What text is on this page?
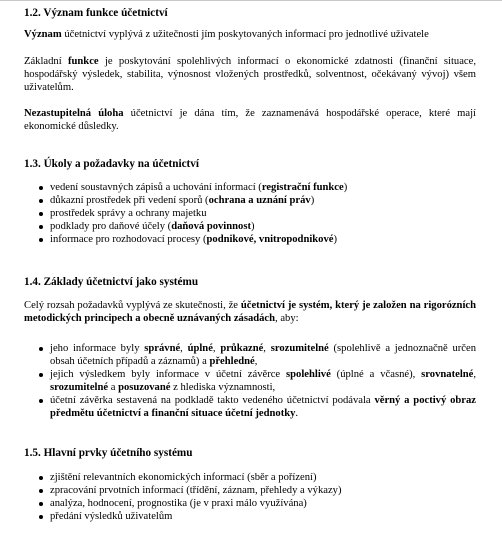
1.2. Význam funkce účetnictví

Význam účetnictví vyplývá z užitečnosti jím poskytovaných informací pro jednotlivé uživatele

Základní funkce je poskytování spolehlivých informací o ekonomické zdatnosti (finanční situace, hospodářský výsledek, stabilita, výnosnost vložených prostředků, solventnost, očekávaný vývoj) všem uživatelům.

Nezastupitelná úloha účetnictví je dána tím, že zaznamenává hospodářské operace, které mají ekonomické důsledky.

1.3. Úkoly a požadavky na účetnictví
vedení soustavných zápisů a uchování informací (registrační funkce)
důkazní prostředek při vedení sporů (ochrana a uznání práv)
prostředek správy a ochrany majetku
podklady pro daňové účely (daňová povinnost)
informace pro rozhodovací procesy (podnikové, vnitropodnikové)
1.4. Základy účetnictví jako systému

Celý rozsah požadavků vyplývá ze skutečnosti, že účetnictví je systém, který je založen na rigorózních metodických principech a obecně uznávaných zásadách, aby:

jeho informace byly správné, úplné, průkazné, srozumitelné (spolehlivě a jednoznačně určen obsah účetních případů a záznamů) a přehledné,

jejich výsledkem byly informace v účetní závěrce spolehlivé (úplné a včasné), srovnatelné, srozumitelné a posuzované z hlediska významnosti,

účetní závěrka sestavená na podkladě takto vedeného účetnictví podávala věrný a poctivý obraz předmětu účetnictví a finanční situace účetní jednotky.

1.5. Hlavní prvky účetního systému
zjištění relevantních ekonomických informací (sběr a pořízení)
zpracování prvotních informací (třídění, záznam, přehledy a výkazy)
analýza, hodnocení, prognostika (je v praxi málo využívána)
předání výsledků uživatelům
